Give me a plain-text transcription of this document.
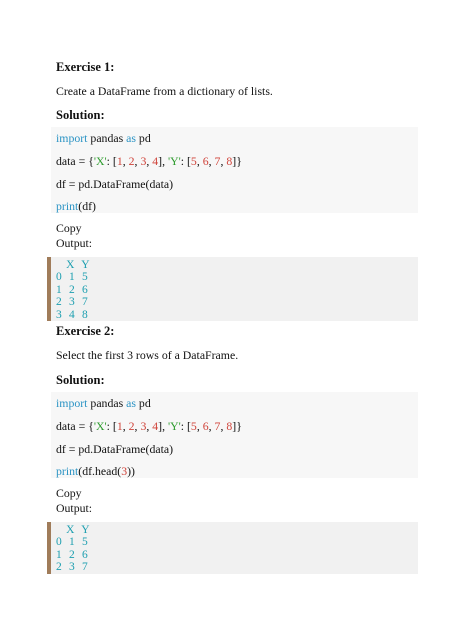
Exercise 1:
Create a DataFrame from a dictionary of lists.
Solution:
import pandas as pd
data = {'X': [1, 2, 3, 4], 'Y': [5, 6, 7, 8]}
df = pd.DataFrame(data)
print(df)
Copy
Output:
X  Y
0  1  5
1  2  6
2  3  7
3  4  8
Exercise 2:
Select the first 3 rows of a DataFrame.
Solution:
import pandas as pd
data = {'X': [1, 2, 3, 4], 'Y': [5, 6, 7, 8]}
df = pd.DataFrame(data)
print(df.head(3))
Copy
Output:
X  Y
0  1  5
1  2  6
2  3  7
